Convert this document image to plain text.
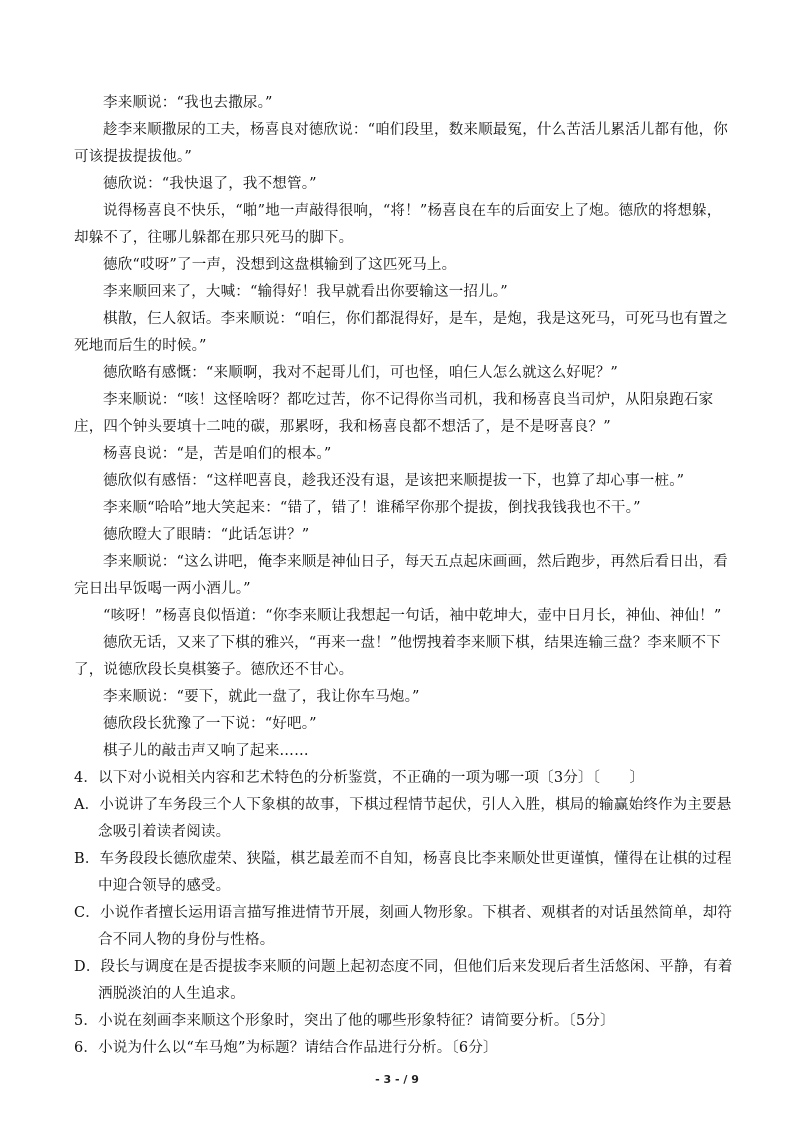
李来顺说：“我也去撒尿。”

趁李来顺撒尿的工夫，杨喜良对德欣说：“咱们段里，数来顺最冤，什么苦活儿累活儿都有他，你可该提拔提拔他。”

德欣说：“我快退了，我不想管。”

说得杨喜良不快乐，“啪”地一声敲得很响，“将！”杨喜良在车的后面安上了炮。德欣的将想躲，却躲不了，往哪儿躲都在那只死马的脚下。

德欣“哎呀”了一声，没想到这盘棋输到了这匹死马上。

李来顺回来了，大喊：“输得好！我早就看出你要输这一招儿。”

棋散，仨人叙话。李来顺说：“咱仨，你们都混得好，是车，是炮，我是这死马，可死马也有置之死地而后生的时候。”

德欣略有感慨：“来顺啊，我对不起哥儿们，可也怪，咱仨人怎么就这么好呢？”

李来顺说：“咳！这怪啥呀？都吃过苦，你不记得你当司机，我和杨喜良当司炉，从阳泉跑石家庄，四个钟头要填十二吨的碳，那累呀，我和杨喜良都不想活了，是不是呀喜良？”

杨喜良说：“是，苦是咱们的根本。”

德欣似有感悟：“这样吧喜良，趁我还没有退，是该把来顺提拔一下，也算了却心事一桩。”

李来顺“哈哈”地大笑起来：“错了，错了！谁稀罕你那个提拔，倒找我钱我也不干。”

德欣瞪大了眼睛：“此话怎讲？”

李来顺说：“这么讲吧，俺李来顺是神仙日子，每天五点起床画画，然后跑步，再然后看日出，看完日出早饭喝一两小酒儿。”

“咳呀！”杨喜良似悟道：“你李来顺让我想起一句话，袖中乾坤大，壶中日月长，神仙、神仙！”

德欣无话，又来了下棋的雅兴，“再来一盘！”他愣拽着李来顺下棋，结果连输三盘？李来顺不下了，说德欣段长臭棋篓子。德欣还不甘心。

李来顺说：“要下，就此一盘了，我让你车马炮。”

德欣段长犹豫了一下说：“好吧。”

棋子儿的敲击声又响了起来……

4．以下对小说相关内容和艺术特色的分析鉴赏，不正确的一项为哪一项〔3分〕〔　　〕

A．小说讲了车务段三个人下象棋的故事，下棋过程情节起伏，引人入胜，棋局的输赢始终作为主要悬念吸引着读者阅读。

B．车务段段长德欣虚荣、狭隘，棋艺最差而不自知，杨喜良比李来顺处世更谨慎，懂得在让棋的过程中迎合领导的感受。

C．小说作者擅长运用语言描写推进情节开展，刻画人物形象。下棋者、观棋者的对话虽然简单，却符合不同人物的身份与性格。

D．段长与调度在是否提拔李来顺的问题上起初态度不同，但他们后来发现后者生活悠闲、平静，有着洒脱淡泊的人生追求。

5．小说在刻画李来顺这个形象时，突出了他的哪些形象特征？请简要分析。〔5分〕

6．小说为什么以“车马炮”为标题？请结合作品进行分析。〔6分〕

- 3 - / 9
